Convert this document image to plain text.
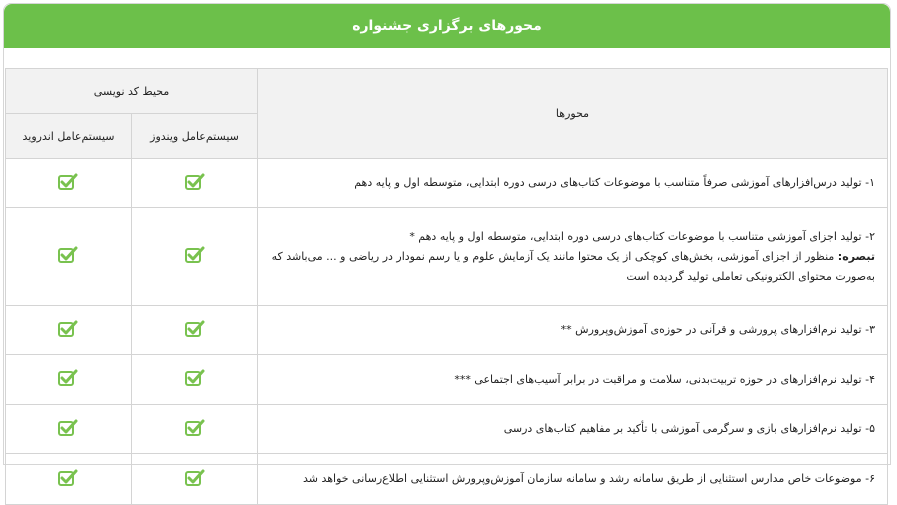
محورهای برگزاری جشنواره
محورها	محیط کد نویسی	
	سیستم‌عامل ویندوز	سیستم‌عامل اندروید
۱- تولید درس‌افزارهای آموزشی صرفاً متناسب با موضوعات کتاب‌های درسی دوره ابتدایی، متوسطه اول و پایه دهم		

۲- تولید اجزای آموزشی متناسب با موضوعات کتاب‌های درسی دوره ابتدایی، متوسطه اول و پایه دهم *
تبصره: منظور از اجزای آموزشی، بخش‌های کوچکی از یک محتوا مانند یک آزمایش علوم و یا رسم نمودار در ریاضی و ... می‌باشد که
به‌صورت محتوای الکترونیکی تعاملی تولید گردیده است

۳- تولید نرم‌افزارهای پرورشی و قرآنی در حوزه‌ی آموزش‌وپرورش **		
۴- تولید نرم‌افزارهای در حوزه تربیت‌بدنی، سلامت و مراقبت در برابر آسیب‌های اجتماعی ***		
۵- تولید نرم‌افزارهای بازی و سرگرمی آموزشی با تأکید بر مفاهیم کتاب‌های درسی		
۶- موضوعات خاص مدارس استثنایی از طریق سامانه رشد و سامانه سازمان آموزش‌وپرورش استثنایی اطلاع‌رسانی خواهد شد		
